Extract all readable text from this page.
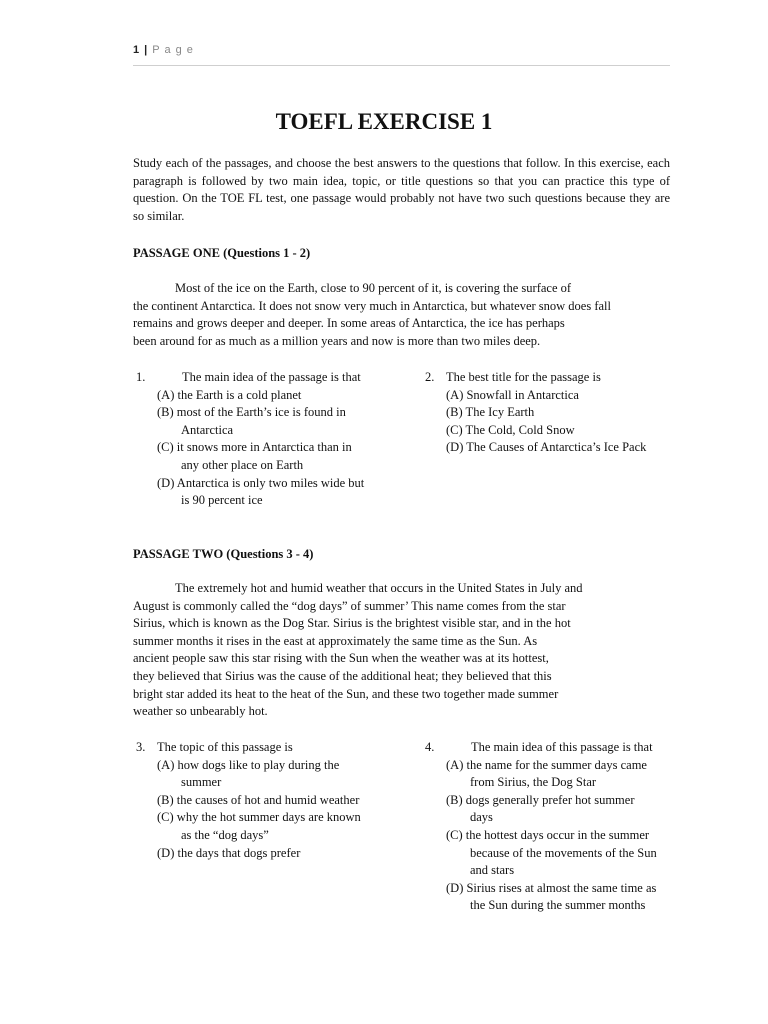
1 | Page
TOEFL EXERCISE 1
Study each of the passages, and choose the best answers to the questions that follow. In this exercise, each paragraph is followed by two main idea, topic, or title questions so that you can practice this type of question. On the TOE FL test, one passage would probably not have two such questions because they are so similar.
PASSAGE ONE (Questions 1 - 2)
Most of the ice on the Earth, close to 90 percent of it, is covering the surface of
the continent Antarctica. It does not snow very much in Antarctica, but whatever snow does fall
remains and grows deeper and deeper. In some areas of Antarctica, the ice has perhaps
been around for as much as a million years and now is more than two miles deep.
1.	The main idea of the passage is that
(A) the Earth is a cold planet
(B) most of the Earth’s ice is found in
Antarctica
(C) it snows more in Antarctica than in
any other place on Earth
(D) Antarctica is only two miles wide but
is 90 percent ice
2. The best title for the passage is
(A) Snowfall in Antarctica
(B) The Icy Earth
(C) The Cold, Cold Snow
(D) The Causes of Antarctica’s Ice Pack
PASSAGE TWO (Questions 3 - 4)
The extremely hot and humid weather that occurs in the United States in July and
August is commonly called the “dog days” of summer’ This name comes from the star
Sirius, which is known as the Dog Star. Sirius is the brightest visible star, and in the hot
summer months it rises in the east at approximately the same time as the Sun. As
ancient people saw this star rising with the Sun when the weather was at its hottest,
they believed that Sirius was the cause of the additional heat; they believed that this
bright star added its heat to the heat of the Sun, and these two together made summer
weather so unbearably hot.
3. The topic of this passage is
(A) how dogs like to play during the
summer
(B) the causes of hot and humid weather
(C) why the hot summer days are known
as the “dog days”
(D) the days that dogs prefer
4.	The main idea of this passage is that
(A) the name for the summer days came
from Sirius, the Dog Star
(B) dogs generally prefer hot summer
days
(C) the hottest days occur in the summer
because of the movements of the Sun
and stars
(D) Sirius rises at almost the same time as
the Sun during the summer months
